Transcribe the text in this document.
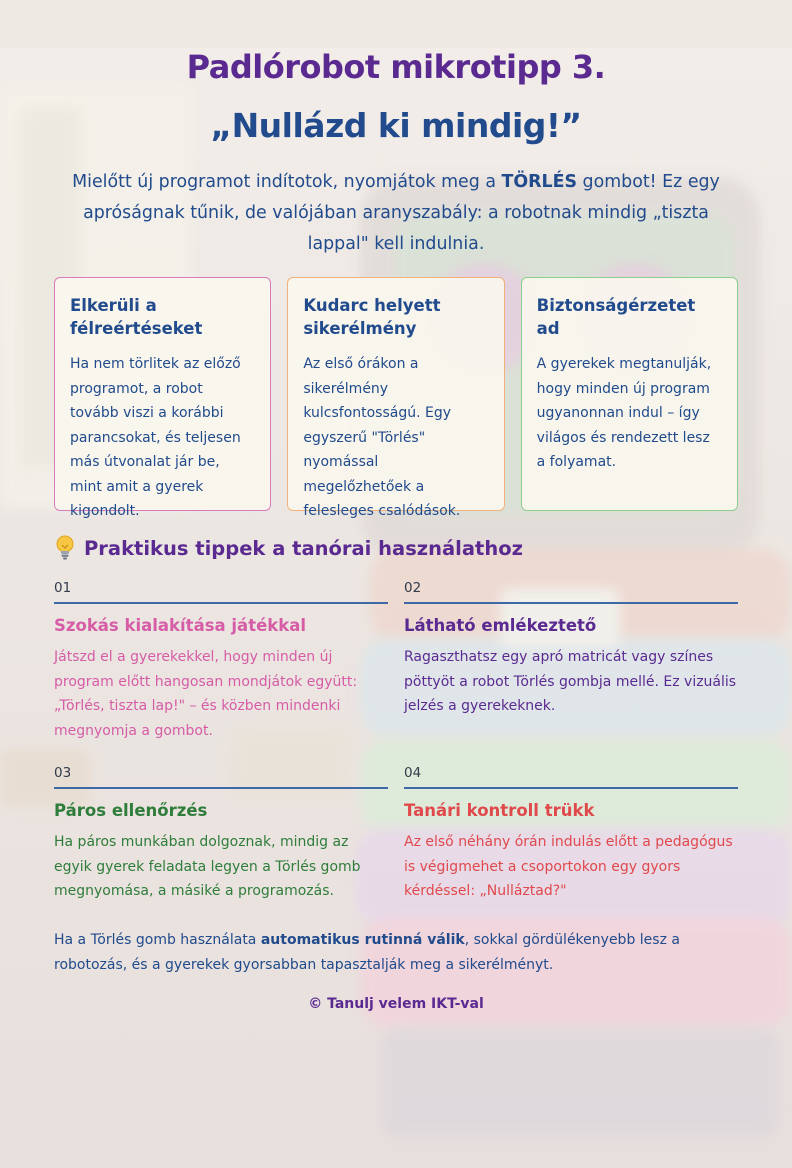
Padlórobot mikrotipp 3.
„Nullázd ki mindig!”

Mielőtt új programot indítotok, nyomjátok meg a TÖRLÉS gombot! Ez egy apróságnak tűnik, de valójában aranyszabály: a robotnak mindig „tiszta lappal" kell indulnia.

Elkerüli a félreértéseket

Ha nem törlitek az előző programot, a robot tovább viszi a korábbi parancsokat, és teljesen más útvonalat jár be, mint amit a gyerek kigondolt.

Kudarc helyett sikerélmény

Az első órákon a sikerélmény kulcsfontosságú. Egy egyszerű "Törlés" nyomással megelőzhetőek a felesleges csalódások.

Biztonságérzetet ad

A gyerekek megtanulják, hogy minden új program ugyanonnan indul – így világos és rendezett lesz a folyamat.

Praktikus tippek a tanórai használathoz
01
Szokás kialakítása játékkal

Játszd el a gyerekekkel, hogy minden új program előtt hangosan mondjátok együtt: „Törlés, tiszta lap!" – és közben mindenki megnyomja a gombot.

02
Látható emlékeztető

Ragaszthatsz egy apró matricát vagy színes pöttyöt a robot Törlés gombja mellé. Ez vizuális jelzés a gyerekeknek.

03
Páros ellenőrzés

Ha páros munkában dolgoznak, mindig az egyik gyerek feladata legyen a Törlés gomb megnyomása, a másiké a programozás.

04
Tanári kontroll trükk

Az első néhány órán indulás előtt a pedagógus is végigmehet a csoportokon egy gyors kérdéssel: „Nulláztad?"

Ha a Törlés gomb használata automatikus rutinná válik, sokkal gördülékenyebb lesz a robotozás, és a gyerekek gyorsabban tapasztalják meg a sikerélményt.

© Tanulj velem IKT-val
